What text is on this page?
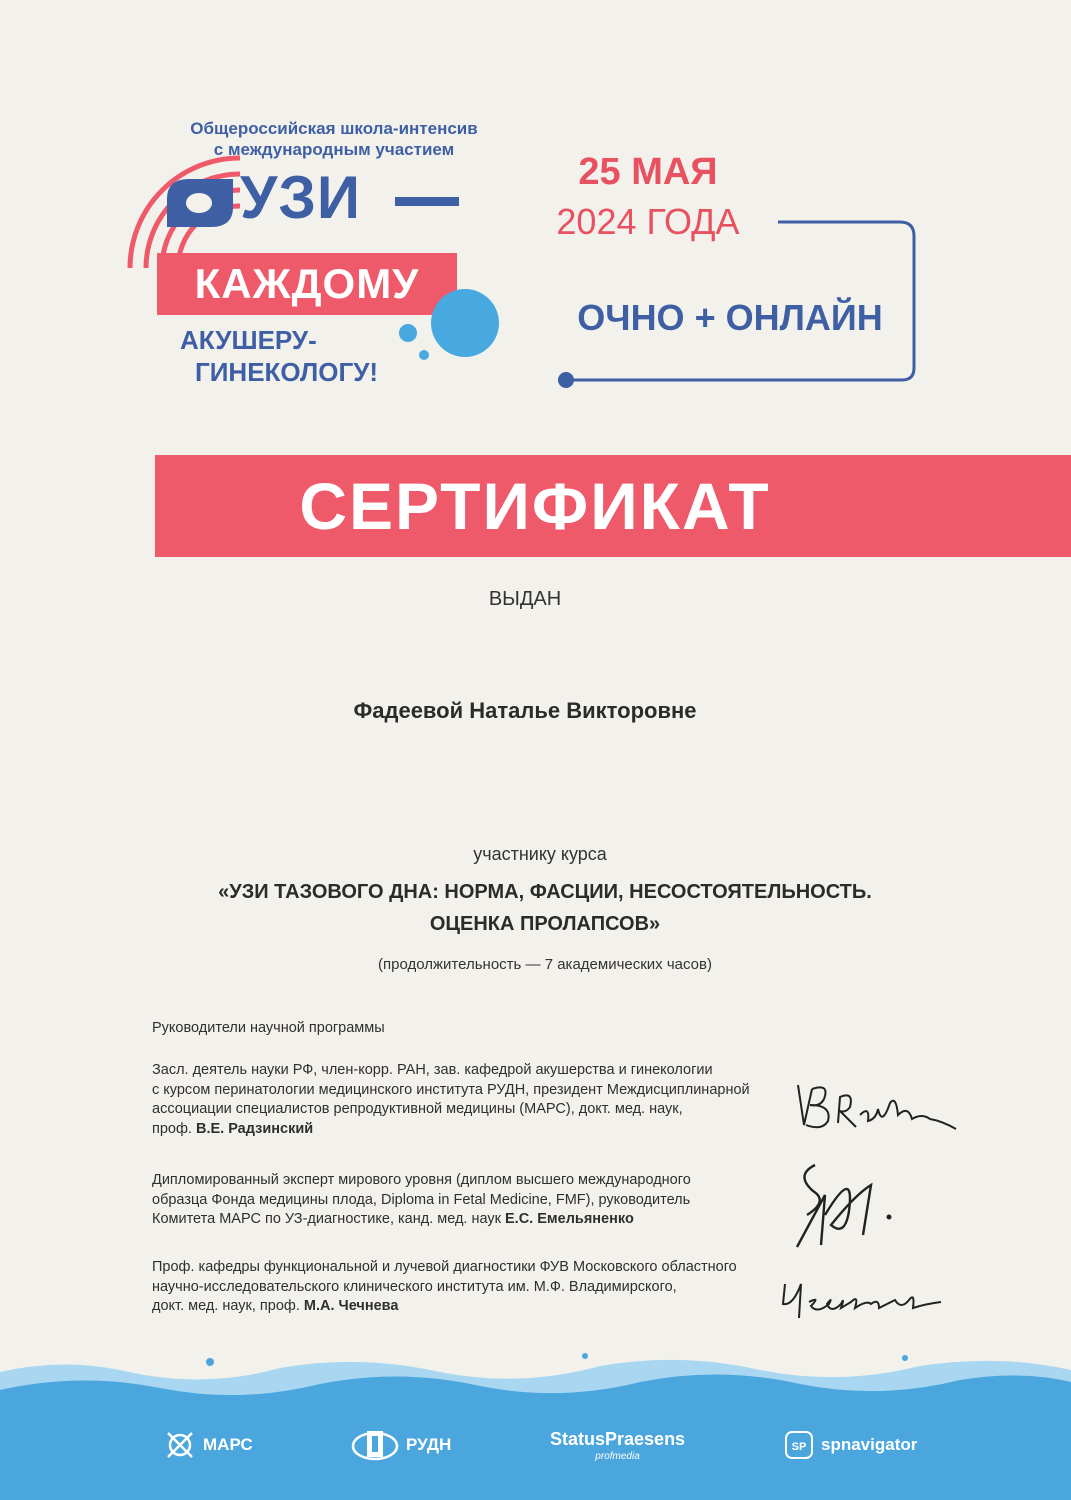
Общероссийская школа-интенсив
с международным участием
УЗИ
КАЖДОМУ
АКУШЕРУ-
ГИНЕКОЛОГУ!
25 МАЯ
2024 ГОДА
ОЧНО + ОНЛАЙН
СЕРТИФИКАТ
ВЫДАН
Фадеевой Наталье Викторовне
участнику курса
«УЗИ ТАЗОВОГО ДНА: НОРМА, ФАСЦИИ, НЕСОСТОЯТЕЛЬНОСТЬ.
ОЦЕНКА ПРОЛАПСОВ»
(продолжительность — 7 академических часов)
Руководители научной программы
Засл. деятель науки РФ, член-корр. РАН, зав. кафедрой акушерства и гинекологии
с курсом перинатологии медицинского института РУДН, президент Междисциплинарной
ассоциации специалистов репродуктивной медицины (МАРС), докт. мед. наук,
проф. В.Е. Радзинский
Дипломированный эксперт мирового уровня (диплом высшего международного
образца Фонда медицины плода, Diploma in Fetal Medicine, FMF), руководитель
Комитета МАРС по УЗ-диагностике, канд. мед. наук Е.С. Емельяненко
Проф. кафедры функциональной и лучевой диагностики ФУВ Московского областного
научно-исследовательского клинического института им. М.Ф. Владимирского,
докт. мед. наук, проф. М.А. Чечнева
МАРС	РУДН	StatusPraesens
profmedia
SP spnavigator
